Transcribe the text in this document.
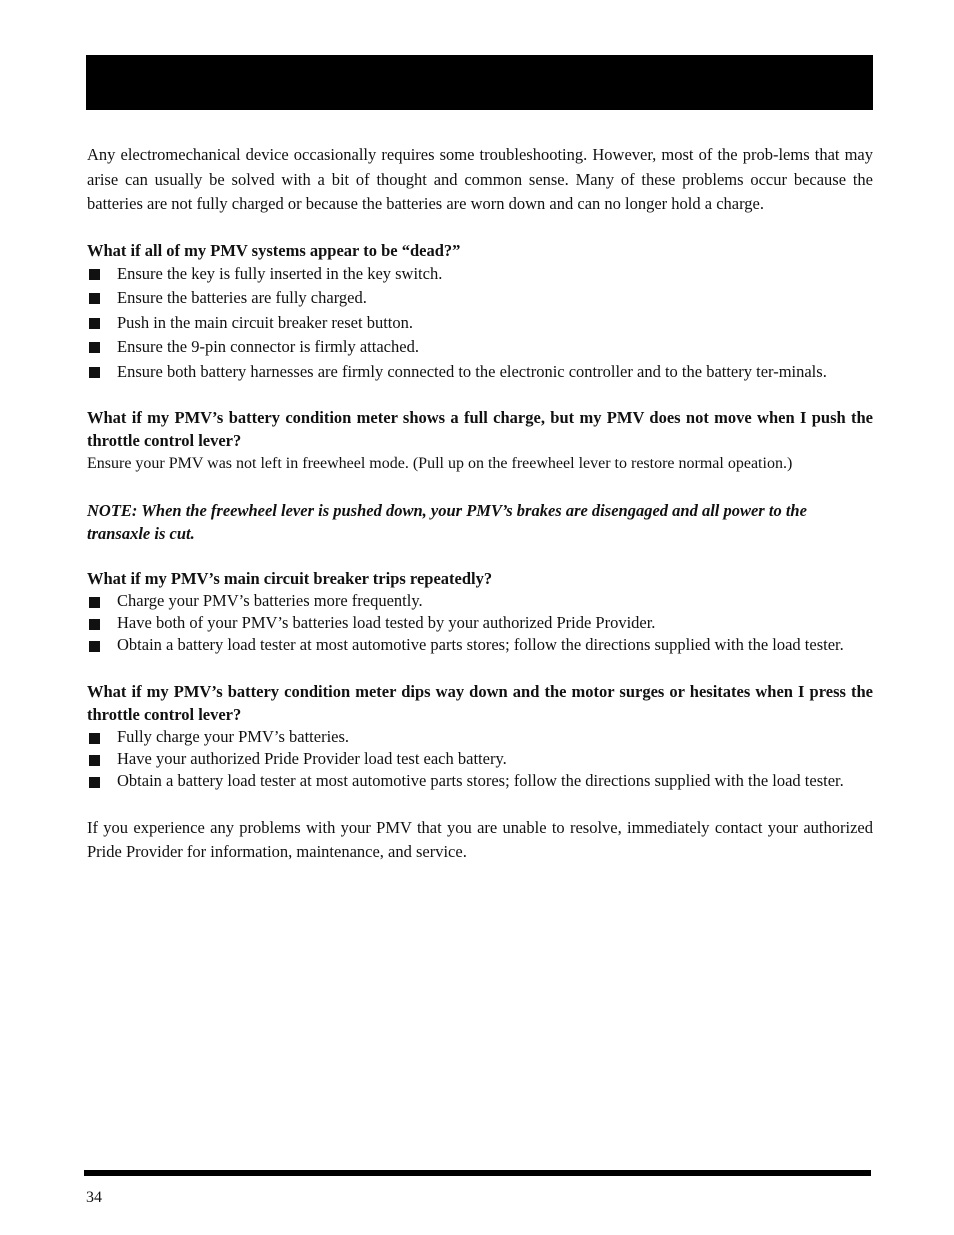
Any electromechanical device occasionally requires some troubleshooting. However, most of the prob-lems that may arise can usually be solved with a bit of thought and common sense. Many of these problems occur because the batteries are not fully charged or because the batteries are worn down and can no longer hold a charge.

What if all of my PMV systems appear to be “dead?”

Ensure the key is fully inserted in the key switch.
Ensure the batteries are fully charged.
Push in the main circuit breaker reset button.
Ensure the 9-pin connector is firmly attached.
Ensure both battery harnesses are firmly connected to the electronic controller and to the battery ter-minals.

What if my PMV’s battery condition meter shows a full charge, but my PMV does not move when I push the throttle control lever?

Ensure your PMV was not left in freewheel mode. (Pull up on the freewheel lever to restore normal opeation.)

NOTE: When the freewheel lever is pushed down, your PMV’s brakes are disengaged and all power to the transaxle is cut.

What if my PMV’s main circuit breaker trips repeatedly?

Charge your PMV’s batteries more frequently.
Have both of your PMV’s batteries load tested by your authorized Pride Provider.
Obtain a battery load tester at most automotive parts stores; follow the directions supplied with the load tester.

What if my PMV’s battery condition meter dips way down and the motor surges or hesitates when I press the throttle control lever?

Fully charge your PMV’s batteries.
Have your authorized Pride Provider load test each battery.
Obtain a battery load tester at most automotive parts stores; follow the directions supplied with the load tester.

If you experience any problems with your PMV that you are unable to resolve, immediately contact your authorized Pride Provider for information, maintenance, and service.

34
